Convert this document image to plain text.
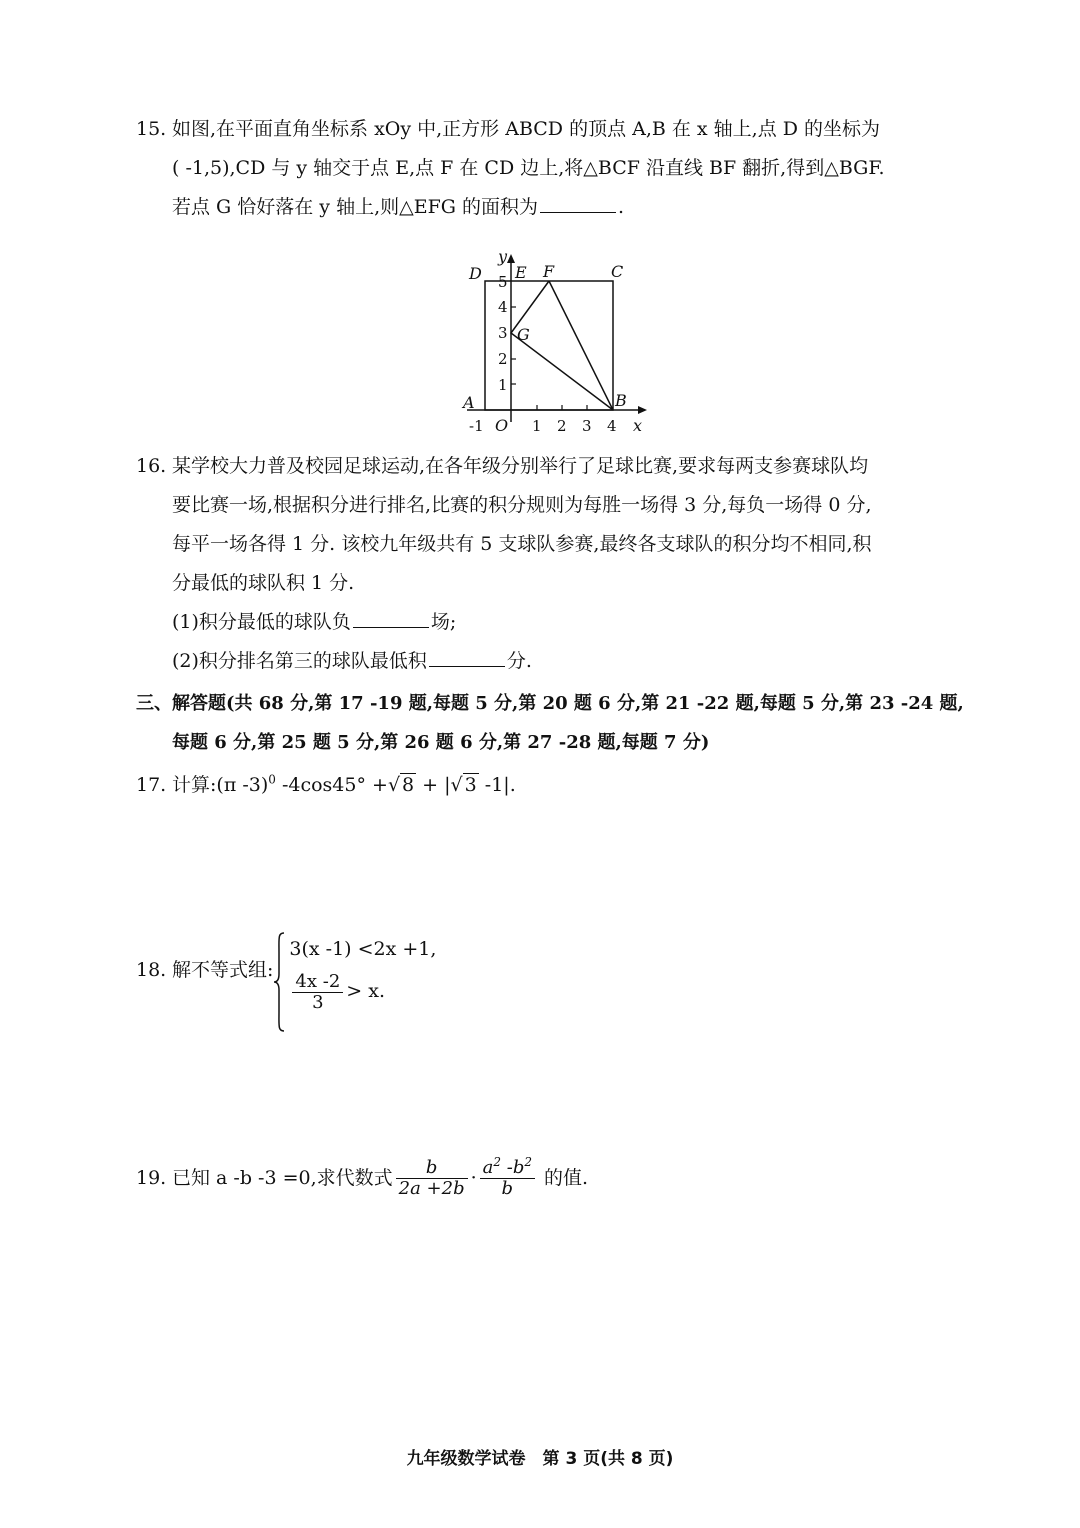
15. 如图,在平面直角坐标系 xOy 中,正方形 ABCD 的顶点 A,B 在 x 轴上,点 D 的坐标为
( -1,5),CD 与 y 轴交于点 E,点 F 在 CD 边上,将△BCF 沿直线 BF 翻折,得到△BGF.
若点 G 恰好落在 y 轴上,则△EFG 的面积为	.
-1	1 2 3 4
1
2
3
4
5
O	x
y
A	B
C
D E F
G
16. 某学校大力普及校园足球运动,在各年级分别举行了足球比赛,要求每两支参赛球队均
要比赛一场,根据积分进行排名,比赛的积分规则为每胜一场得 3 分,每负一场得 0 分,
每平一场各得 1 分. 该校九年级共有 5 支球队参赛,最终各支球队的积分均不相同,积
分最低的球队积 1 分.
(1)积分最低的球队负	场;
(2)积分排名第三的球队最低积	分.
三、解答题(共 68 分,第 17 -19 题,每题 5 分,第 20 题 6 分,第 21 -22 题,每题 5 分,第 23 -24 题,
每题 6 分,第 25 题 5 分,第 26 题 6 分,第 27 -28 题,每题 7 分)
17. 计算:(π -3)$^0$ -4cos45° +√ 8 + |√ 3 -1|.
18. 解不等式组:
3(x -1) <2x +1,
$\frac{4x -2}{3} > x$.
19. 已知 a -b -3 =0,求代数式 $\frac{b}{2a +2b} \cdot \frac{a^2 -b^2}{b}$ 的值.
九年级数学试卷　第 3 页(共 8 页)
